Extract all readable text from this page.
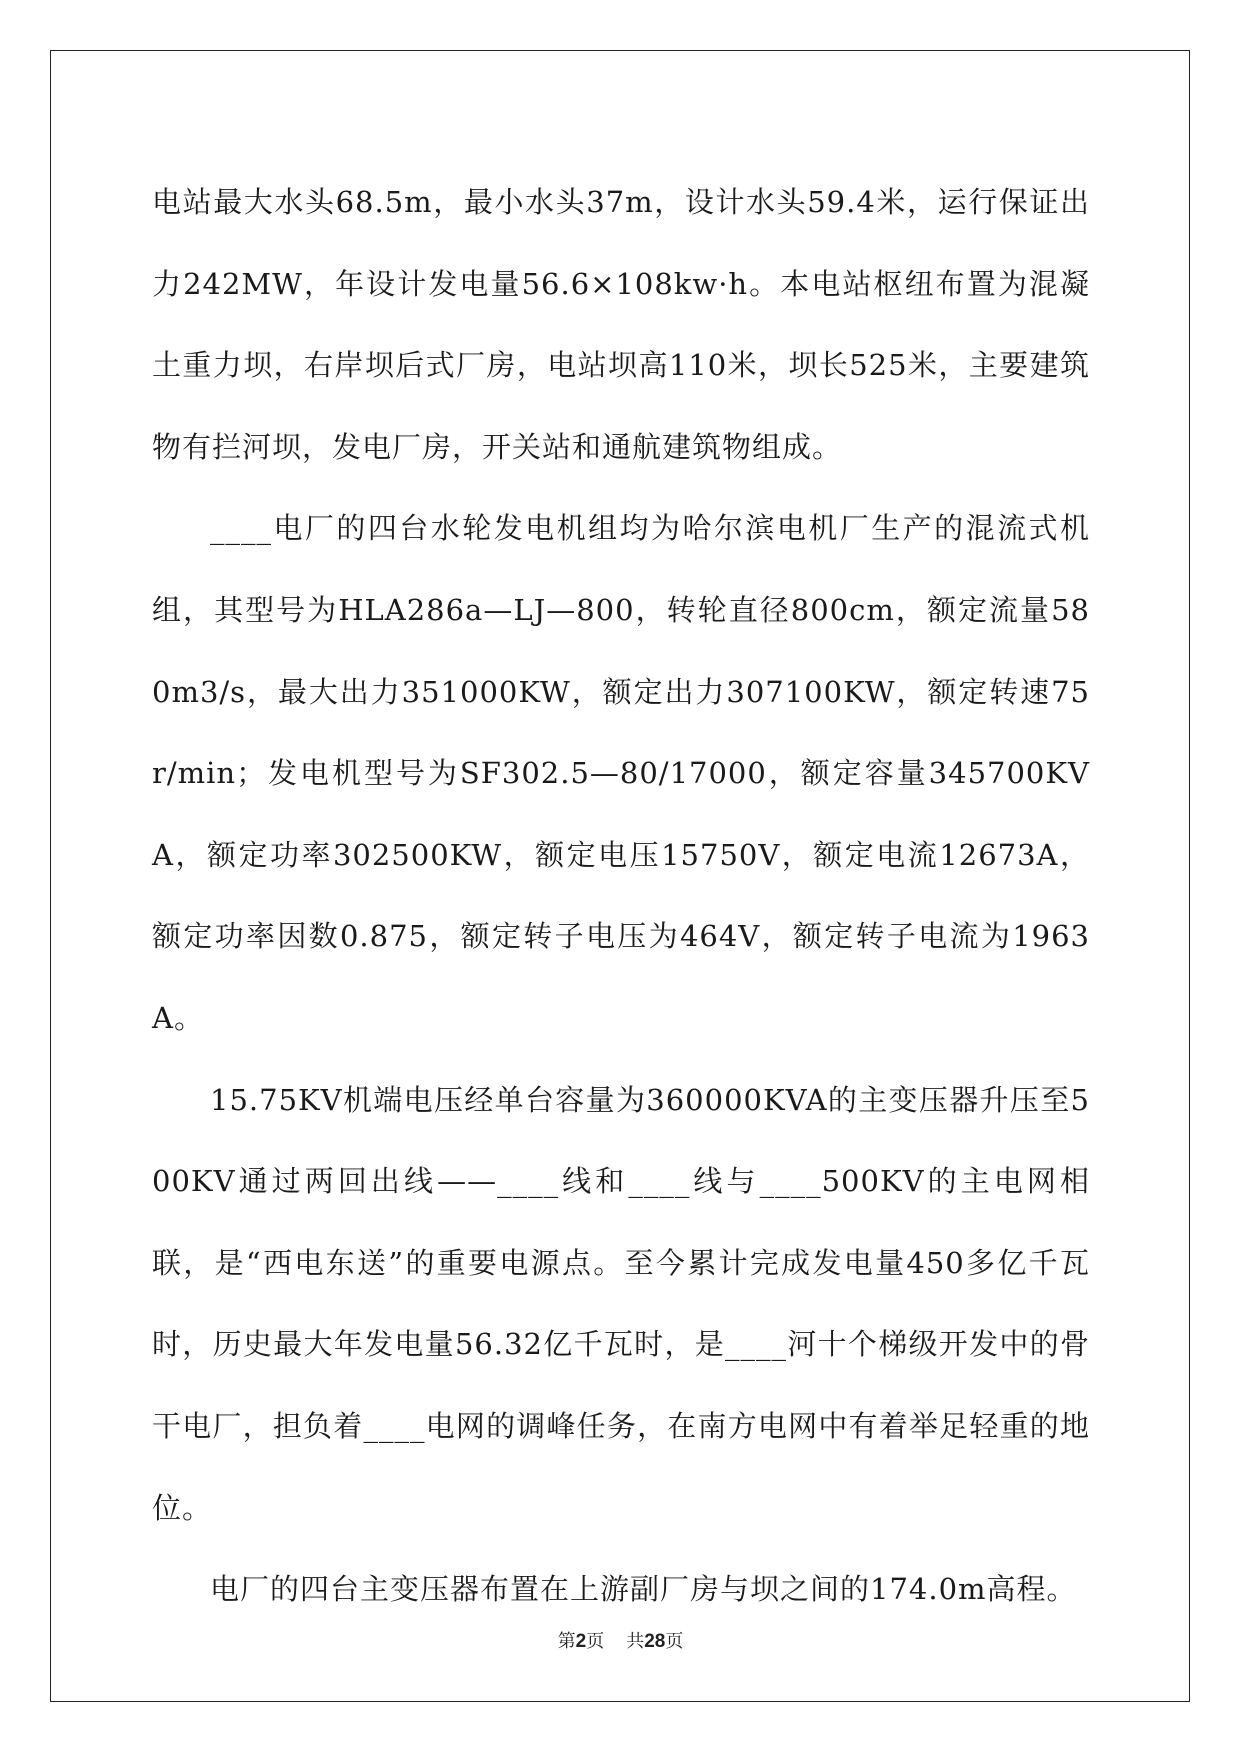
电站最大水头68.5m，最小水头37m，设计水头59.4米，运行保证出力242MW，年设计发电量56.6×108kw·h。本电站枢纽布置为混凝土重力坝，右岸坝后式厂房，电站坝高110米，坝长525米，主要建筑物有拦河坝，发电厂房，开关站和通航建筑物组成。

____电厂的四台水轮发电机组均为哈尔滨电机厂生产的混流式机组，其型号为HLA286a—LJ—800，转轮直径800cm，额定流量580m3/s，最大出力351000KW，额定出力307100KW，额定转速75r/min；发电机型号为SF302.5—80/17000，额定容量345700KVA，额定功率302500KW，额定电压15750V，额定电流12673A，额定功率因数0.875，额定转子电压为464V，额定转子电流为1963A。

15.75KV机端电压经单台容量为360000KVA的主变压器升压至500KV通过两回出线——____线和____线与____500KV的主电网相联，是“西电东送”的重要电源点。至今累计完成发电量450多亿千瓦时，历史最大年发电量56.32亿千瓦时，是____河十个梯级开发中的骨干电厂，担负着____电网的调峰任务，在南方电网中有着举足轻重的地位。

电厂的四台主变压器布置在上游副厂房与坝之间的174.0m高程。

第2页 共28页
